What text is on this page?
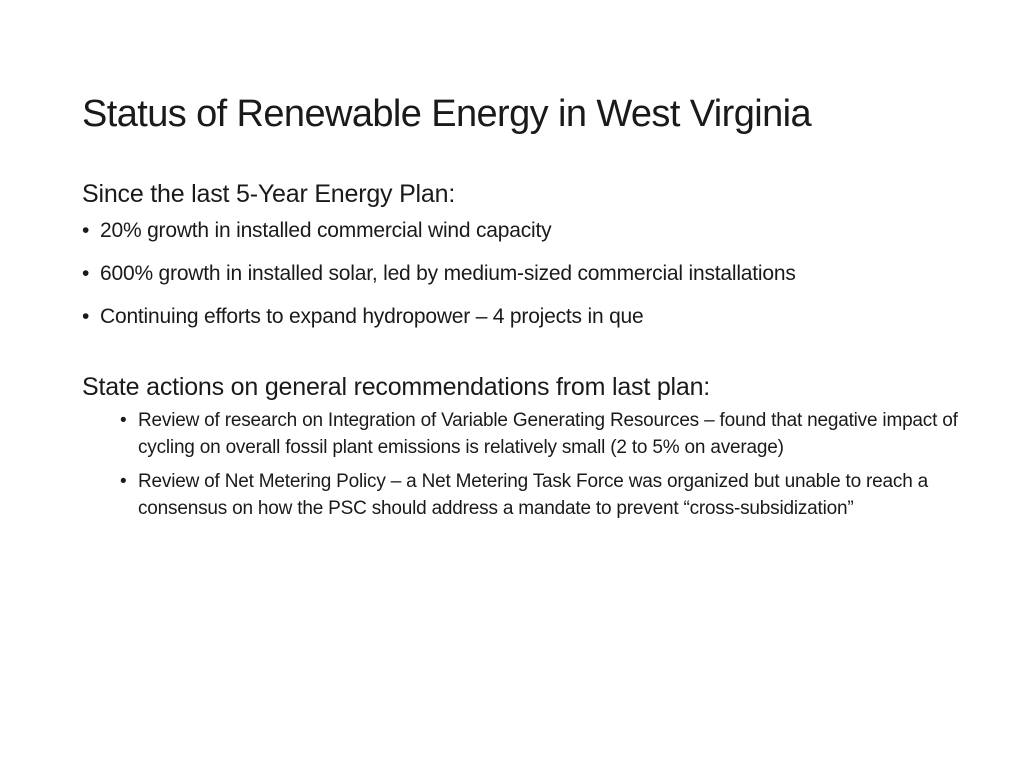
Status of Renewable Energy in West Virginia

Since the last 5-Year Energy Plan:

• 20% growth in installed commercial wind capacity
• 600% growth in installed solar, led by medium-sized commercial installations
• Continuing efforts to expand hydropower – 4 projects in que

State actions on general recommendations from last plan:

• Review of research on Integration of Variable Generating Resources – found that negative impact of cycling on overall fossil plant emissions is relatively small (2 to 5% on average)
• Review of Net Metering Policy – a Net Metering Task Force was organized but unable to reach a consensus on how the PSC should address a mandate to prevent “cross-subsidization”
